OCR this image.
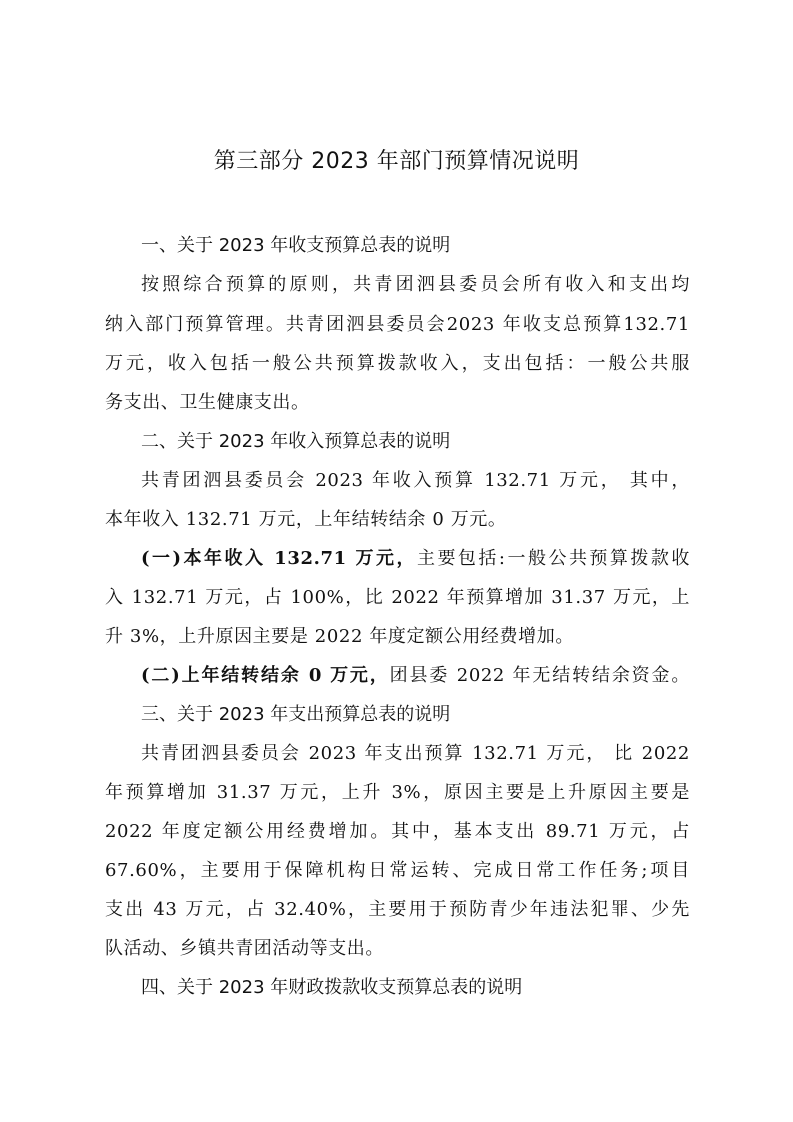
第三部分 2023 年部门预算情况说明

一、关于 2023 年收支预算总表的说明

按照综合预算的原则，共青团泗县委员会所有收入和支出均

纳入部门预算管理。共青团泗县委员会2023 年收支总预算132.71

万元，收入包括一般公共预算拨款收入，支出包括：一般公共服

务支出、卫生健康支出。

二、关于 2023 年收入预算总表的说明

共青团泗县委员会 2023 年收入预算 132.71 万元， 其中，

本年收入 132.71 万元，上年结转结余 0 万元。

(一)本年收入 132.71 万元，主要包括:一般公共预算拨款收

入 132.71 万元，占 100%，比 2022 年预算增加 31.37 万元，上

升 3%，上升原因主要是 2022 年度定额公用经费增加。

(二)上年结转结余 0 万元，团县委 2022 年无结转结余资金。

三、关于 2023 年支出预算总表的说明

共青团泗县委员会 2023 年支出预算 132.71 万元， 比 2022

年预算增加 31.37 万元，上升 3%，原因主要是上升原因主要是

2022 年度定额公用经费增加。其中，基本支出 89.71 万元，占

67.60%，主要用于保障机构日常运转、完成日常工作任务;项目

支出 43 万元，占 32.40%，主要用于预防青少年违法犯罪、少先

队活动、乡镇共青团活动等支出。

四、关于 2023 年财政拨款收支预算总表的说明
